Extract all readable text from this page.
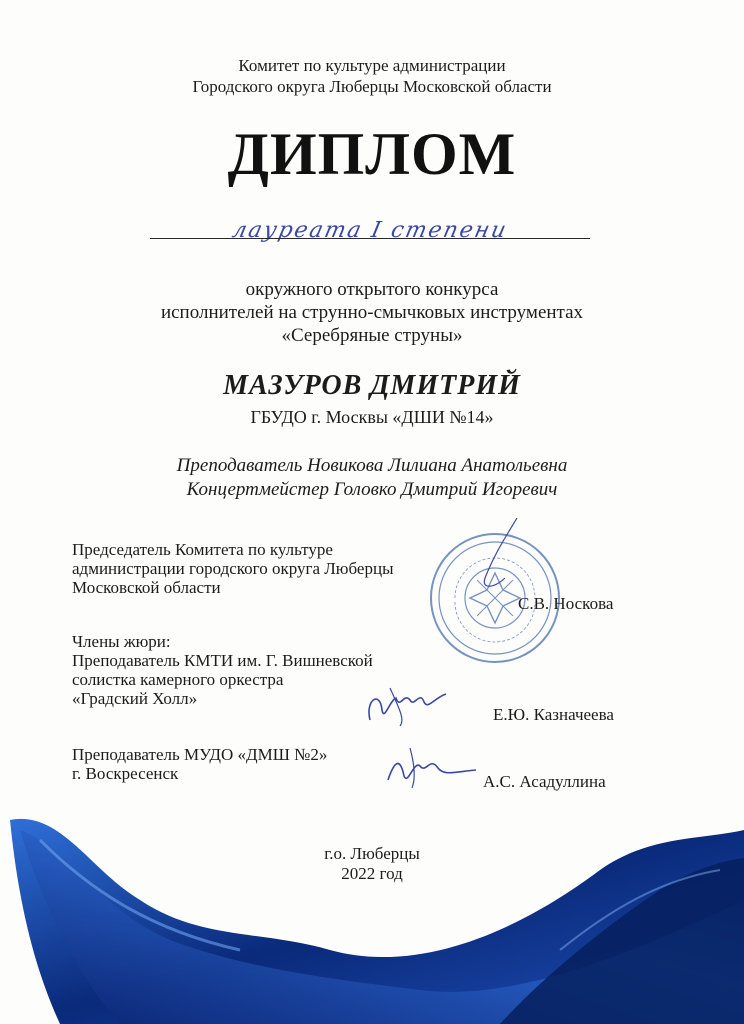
Комитет по культуре администрации
Городского округа Люберцы Московской области
ДИПЛОМ
лауреата I степени
окружного открытого конкурса
исполнителей на струнно-смычковых инструментах
«Серебряные струны»
МАЗУРОВ ДМИТРИЙ
ГБУДО г. Москвы «ДШИ №14»
Преподаватель Новикова Лилиана Анатольевна
Концертмейстер Головко Дмитрий Игоревич
Председатель Комитета по культуре
администрации городского округа Люберцы
Московской области
С.В. Носкова
Члены жюри:
Преподаватель КМТИ им. Г. Вишневской
солистка камерного оркестра
«Градский Холл»
Е.Ю. Казначеева
Преподаватель МУДО «ДМШ №2»
г. Воскресенск	А.С. Асадуллина
г.о. Люберцы
2022 год
